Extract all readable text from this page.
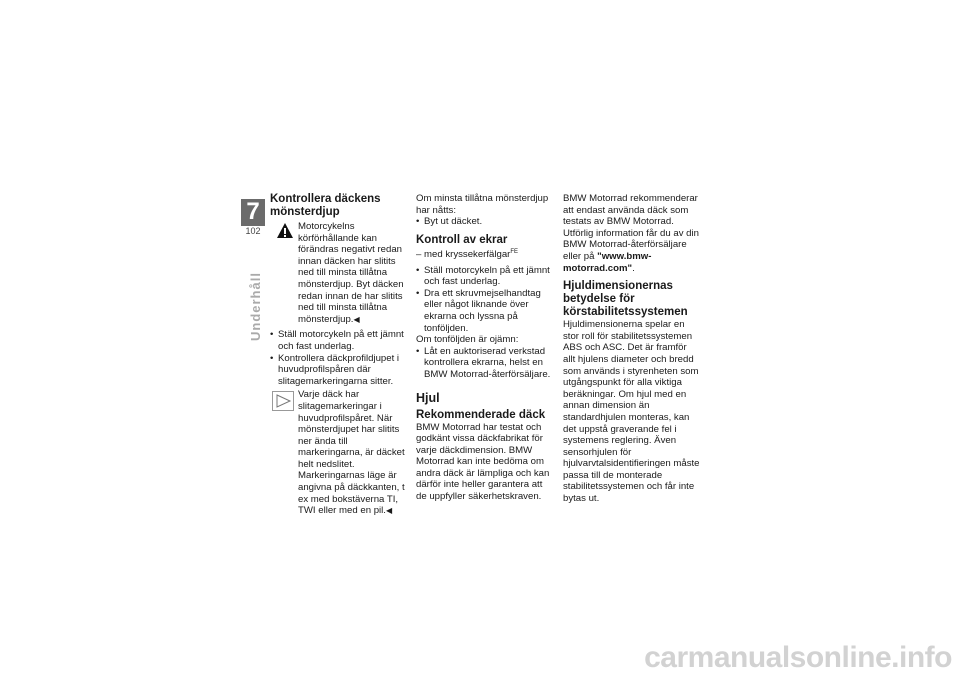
7
102
Underhåll
Kontrollera däckens mönsterdjup
Motorcykelns körförhållande kan förändras negativt redan innan däcken har slitits ned till minsta tillåtna mönsterdjup. Byt däcken redan innan de har slitits ned till minsta tillåtna mönsterdjup.◀
• Ställ motorcykeln på ett jämnt och fast underlag.
• Kontrollera däckprofildjupet i huvudprofilspåren där slitagemarkeringarna sitter.
Varje däck har slitagemarkeringar i huvudprofilspåret. När mönsterdjupet har slitits ner ända till markeringarna, är däcket helt nedslitet. Markeringarnas läge är angivna på däckkanten, t ex med bokstäverna TI, TWI eller med en pil.◀

Om minsta tillåtna mönsterdjup har nåtts:

• Byt ut däcket.
Kontroll av ekrar

– med kryssekerfälgar$^{FE}$

• Ställ motorcykeln på ett jämnt och fast underlag.
• Dra ett skruvmejselhandtag eller något liknande över ekrarna och lyssna på tonföljden.

Om tonföljden är ojämn:

• Låt en auktoriserad verkstad kontrollera ekrarna, helst en BMW Motorrad-återförsäljare.
Hjul
Rekommenderade däck

BMW Motorrad har testat och godkänt vissa däckfabrikat för varje däckdimension. BMW Motorrad kan inte bedöma om andra däck är lämpliga och kan därför inte heller garantera att de uppfyller säkerhetskraven.

BMW Motorrad rekommenderar att endast använda däck som testats av BMW Motorrad. Utförlig information får du av din BMW Motorrad-återförsäljare eller på "www.bmw-motorrad.com".

Hjuldimensionernas betydelse för körstabilitetssystemen

Hjuldimensionerna spelar en stor roll för stabilitetssystemen ABS och ASC. Det är framför allt hjulens diameter och bredd som används i styrenheten som utgångspunkt för alla viktiga beräkningar. Om hjul med en annan dimension än standardhjulen monteras, kan det uppstå graverande fel i systemens reglering. Även sensorhjulen för hjulvarvtalsidentifieringen måste passa till de monterade stabilitetssystemen och får inte bytas ut.

carmanualsonline.info
